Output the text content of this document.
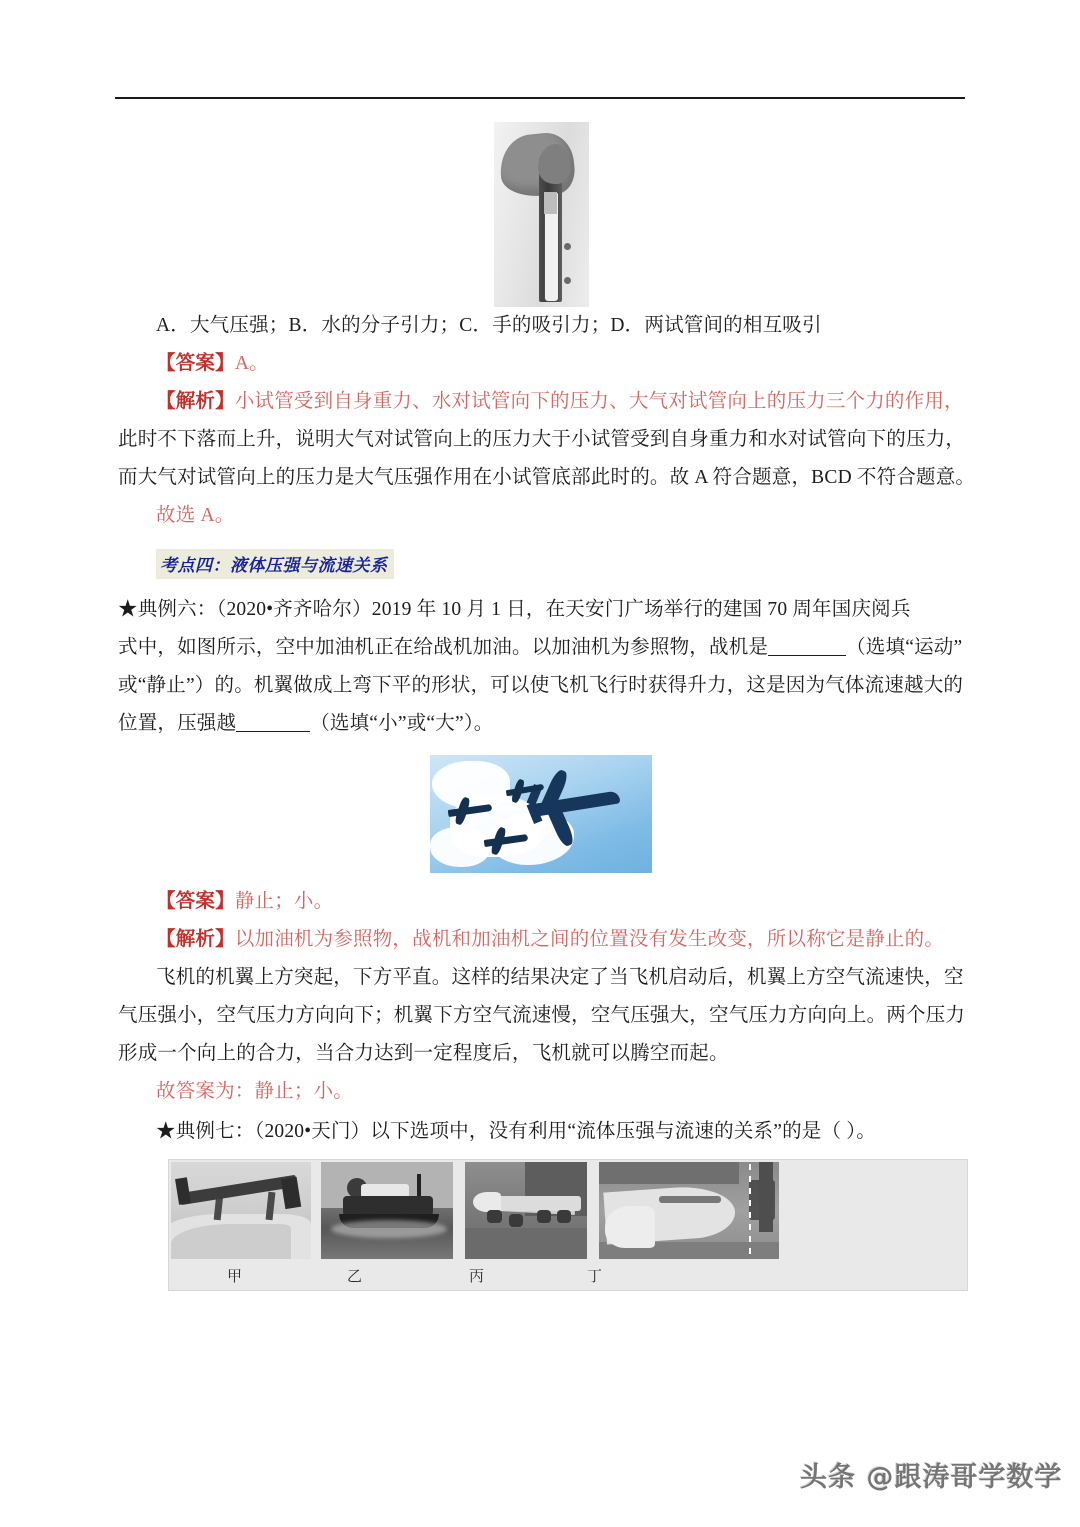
A．大气压强；B．水的分子引力；C．手的吸引力；D．两试管间的相互吸引

【答案】A。

【解析】小试管受到自身重力、水对试管向下的压力、大气对试管向上的压力三个力的作用，

此时不下落而上升，说明大气对试管向上的压力大于小试管受到自身重力和水对试管向下的压力，

而大气对试管向上的压力是大气压强作用在小试管底部此时的。故 A 符合题意，BCD 不符合题意。

故选 A。

考点四：液体压强与流速关系

★典例六：（2020•齐齐哈尔）2019 年 10 月 1 日，在天安门广场举行的建国 70 周年国庆阅兵

式中，如图所示，空中加油机正在给战机加油。以加油机为参照物，战机是	（选填“运动”

或“静止”）的。机翼做成上弯下平的形状，可以使飞机飞行时获得升力，这是因为气体流速越大的

位置，压强越	（选填“小”或“大”）。

【答案】静止；小。

【解析】以加油机为参照物，战机和加油机之间的位置没有发生改变，所以称它是静止的。

飞机的机翼上方突起，下方平直。这样的结果决定了当飞机启动后，机翼上方空气流速快，空

气压强小，空气压力方向向下；机翼下方空气流速慢，空气压强大，空气压力方向向上。两个压力

形成一个向上的合力，当合力达到一定程度后，飞机就可以腾空而起。

故答案为：静止；小。

★典例七：（2020•天门）以下选项中，没有利用“流体压强与流速的关系”的是（ ）。

甲	乙	丙	丁
头条 @跟涛哥学数学
